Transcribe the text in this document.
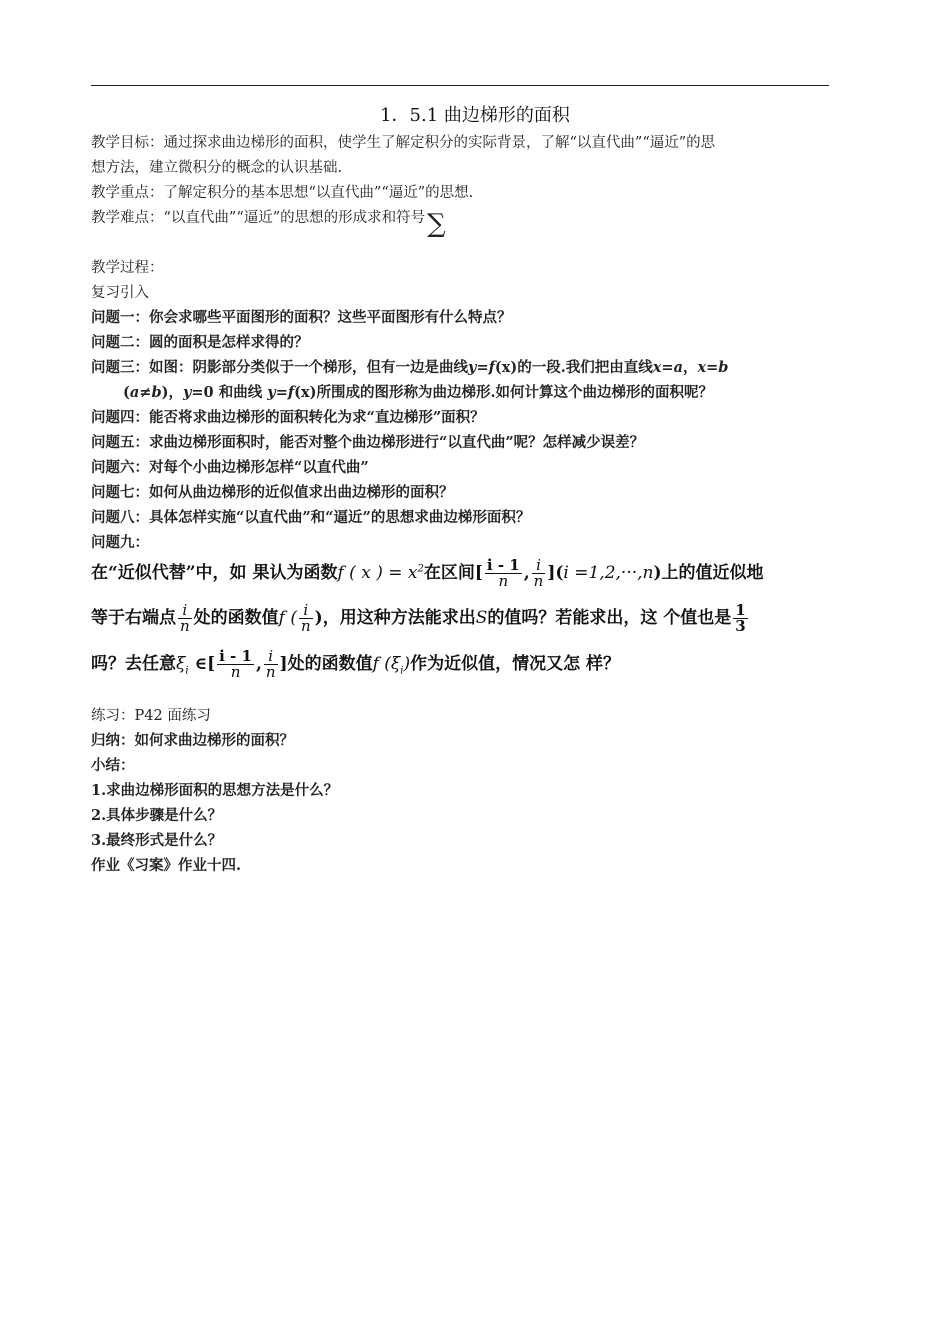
1．5.1 曲边梯形的面积
教学目标：通过探求曲边梯形的面积，使学生了解定积分的实际背景，了解“以直代曲”“逼近”的思
想方法，建立微积分的概念的认识基础.
教学重点：了解定积分的基本思想“以直代曲”“逼近”的思想.
教学难点：“以直代曲”“逼近”的思想的形成求和符号∑
教学过程：
复习引入
问题一：你会求哪些平面图形的面积？这些平面图形有什么特点？
问题二：圆的面积是怎样求得的？
问题三：如图：阴影部分类似于一个梯形，但有一边是曲线y=f(x)的一段.我们把由直线x=a，x=b
(a≠b)，y=0 和曲线 y=f(x)所围成的图形称为曲边梯形.如何计算这个曲边梯形的面积呢？
问题四：能否将求曲边梯形的面积转化为求“直边梯形”面积？
问题五：求曲边梯形面积时，能否对整个曲边梯形进行“以直代曲”呢？怎样减少误差？
问题六：对每个小曲边梯形怎样“以直代曲”
问题七：如何从曲边梯形的近似值求出曲边梯形的面积？
问题八：具体怎样实施“以直代曲”和“逼近”的思想求曲边梯形面积？
问题九：
在“近似代替”中，如 果认为函数f ( x ) = $x^2$在区间[ $\frac{i - 1}{n}$ , $\frac{i}{n} ](i =1,2,\cdot\cdot\cdot,n)$上的值近似地
等于右端点 $\frac{i}{n}$ 处的函数值f ( $\frac{i}{n}$ )，用这种方法能求出S的值吗？若能求出，这 个值也是 $\frac{1}{3}$
吗？去任意$\xi_i$ ∈[ $\frac{i - 1}{n}$ , $\frac{i}{n}$ ]处的函数值f $(\xi_i)$作为近似值，情况又怎 样？
练习：P42 面练习
归纳：如何求曲边梯形的面积？
小结：
1.求曲边梯形面积的思想方法是什么？
2.具体步骤是什么？
3.最终形式是什么？
作业《习案》作业十四.
